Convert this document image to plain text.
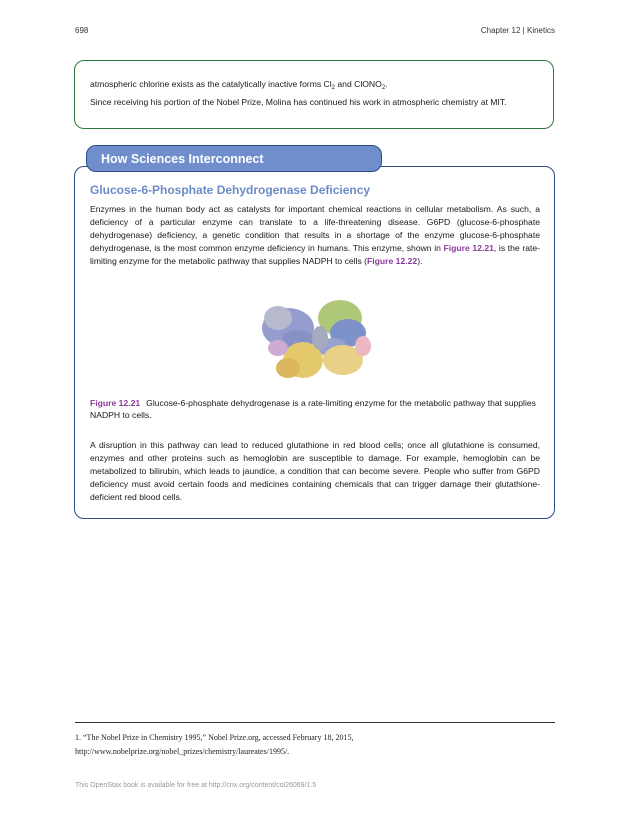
698	Chapter 12 | Kinetics

atmospheric chlorine exists as the catalytically inactive forms $Cl_2$ and ClONO$_2$.

Since receiving his portion of the Nobel Prize, Molina has continued his work in atmospheric chemistry at MIT.

How Sciences Interconnect
Glucose-6-Phosphate Dehydrogenase Deficiency

Enzymes in the human body act as catalysts for important chemical reactions in cellular metabolism. As such, a deficiency of a particular enzyme can translate to a life-threatening disease. G6PD (glucose-6-phosphate dehydrogenase) deficiency, a genetic condition that results in a shortage of the enzyme glucose-6-phosphate dehydrogenase, is the most common enzyme deficiency in humans. This enzyme, shown in Figure 12.21, is the rate-limiting enzyme for the metabolic pathway that supplies NADPH to cells (Figure 12.22).

Figure 12.21 Glucose-6-phosphate dehydrogenase is a rate-limiting enzyme for the metabolic pathway that supplies NADPH to cells.

A disruption in this pathway can lead to reduced glutathione in red blood cells; once all glutathione is consumed, enzymes and other proteins such as hemoglobin are susceptible to damage. For example, hemoglobin can be metabolized to bilirubin, which leads to jaundice, a condition that can become severe. People who suffer from G6PD deficiency must avoid certain foods and medicines containing chemicals that can trigger damage their glutathione-deficient red blood cells.

1. “The Nobel Prize in Chemistry 1995,” Nobel Prize.org, accessed February 18, 2015, http://www.nobelprize.org/nobel_prizes/chemistry/laureates/1995/.

This OpenStax book is available for free at http://cnx.org/content/col26069/1.5
